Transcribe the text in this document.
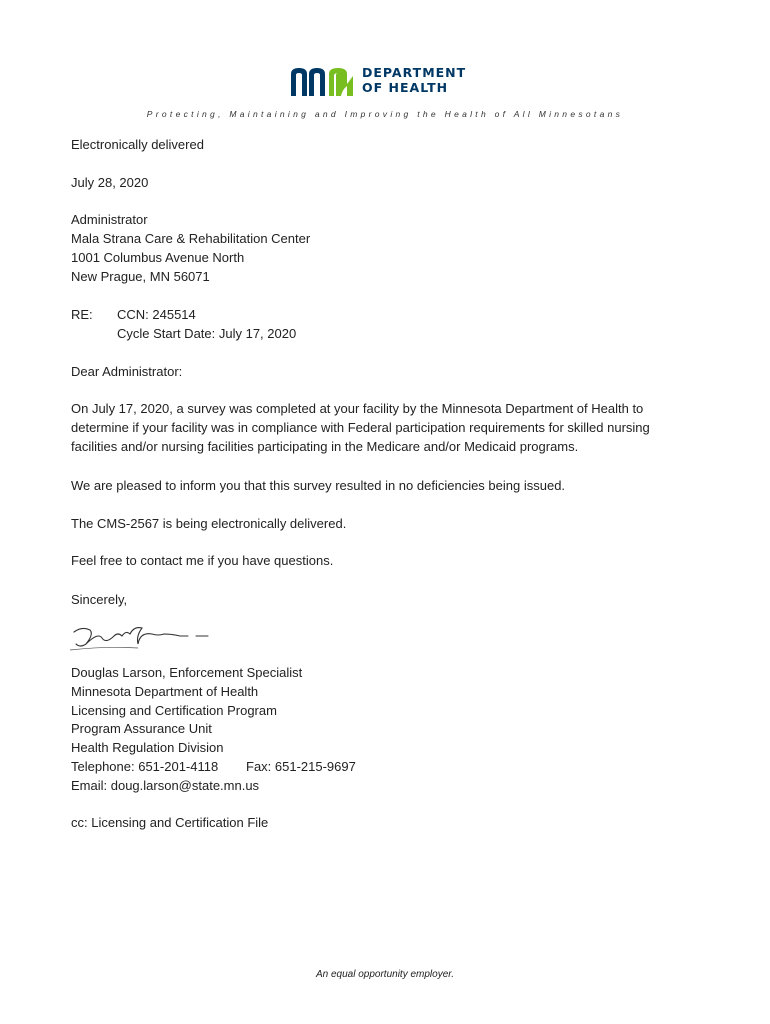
DEPARTMENT
OF HEALTH
Protecting, Maintaining and Improving the Health of All Minnesotans
Electronically delivered
July 28, 2020
Administrator
Mala Strana Care & Rehabilitation Center
1001 Columbus Avenue North
New Prague, MN 56071
RE: CCN: 245514
Cycle Start Date: July 17, 2020
Dear Administrator:
On July 17, 2020, a survey was completed at your facility by the Minnesota Department of Health to
determine if your facility was in compliance with Federal participation requirements for skilled nursing
facilities and/or nursing facilities participating in the Medicare and/or Medicaid programs.
We are pleased to inform you that this survey resulted in no deficiencies being issued.
The CMS-2567 is being electronically delivered.
Feel free to contact me if you have questions.
Sincerely,
Douglas Larson, Enforcement Specialist
Minnesota Department of Health
Licensing and Certification Program
Program Assurance Unit
Health Regulation Division
Telephone: 651-201-4118 Fax: 651-215-9697
Email: doug.larson@state.mn.us
cc: Licensing and Certification File
An equal opportunity employer.
